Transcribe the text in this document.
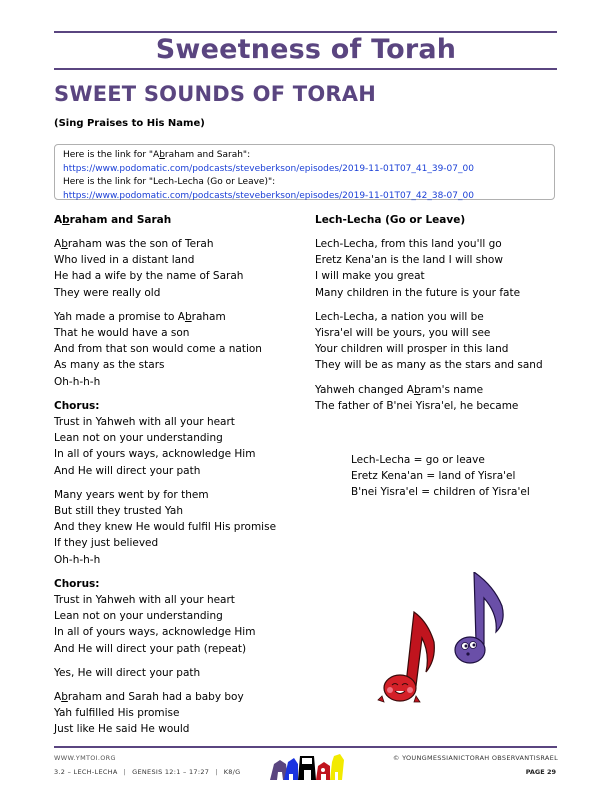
Sweetness of Torah
SWEET SOUNDS OF TORAH
(Sing Praises to His Name)
Here is the link for "Abraham and Sarah":
https://www.podomatic.com/podcasts/steveberkson/episodes/2019-11-01T07_41_39-07_00
Here is the link for "Lech-Lecha (Go or Leave)":
https://www.podomatic.com/podcasts/steveberkson/episodes/2019-11-01T07_42_38-07_00
Abraham and Sarah
Abraham was the son of Terah
Who lived in a distant land
He had a wife by the name of Sarah
They were really old
Yah made a promise to Abraham
That he would have a son
And from that son would come a nation
As many as the stars
Oh-h-h-h
Chorus:
Trust in Yahweh with all your heart
Lean not on your understanding
In all of yours ways, acknowledge Him
And He will direct your path
Many years went by for them
But still they trusted Yah
And they knew He would fulfil His promise
If they just believed
Oh-h-h-h
Chorus:
Trust in Yahweh with all your heart
Lean not on your understanding
In all of yours ways, acknowledge Him
And He will direct your path (repeat)
Yes, He will direct your path
Abraham and Sarah had a baby boy
Yah fulfilled His promise
Just like He said He would
Lech-Lecha (Go or Leave)
Lech-Lecha, from this land you'll go
Eretz Kena'an is the land I will show
I will make you great
Many children in the future is your fate
Lech-Lecha, a nation you will be
Yisra'el will be yours, you will see
Your children will prosper in this land
They will be as many as the stars and sand
Yahweh changed Abram's name
The father of B'nei Yisra'el, he became
Lech-Lecha = go or leave
Eretz Kena'an = land of Yisra'el
B'nei Yisra'el = children of Yisra'el
WWW.YMTOI.ORG
3.2 – LECH-LECHA | GENESIS 12:1 – 17:27 | K8/G
© YOUNGMESSIANICTORAH OBSERVANTISRAEL
PAGE 29
